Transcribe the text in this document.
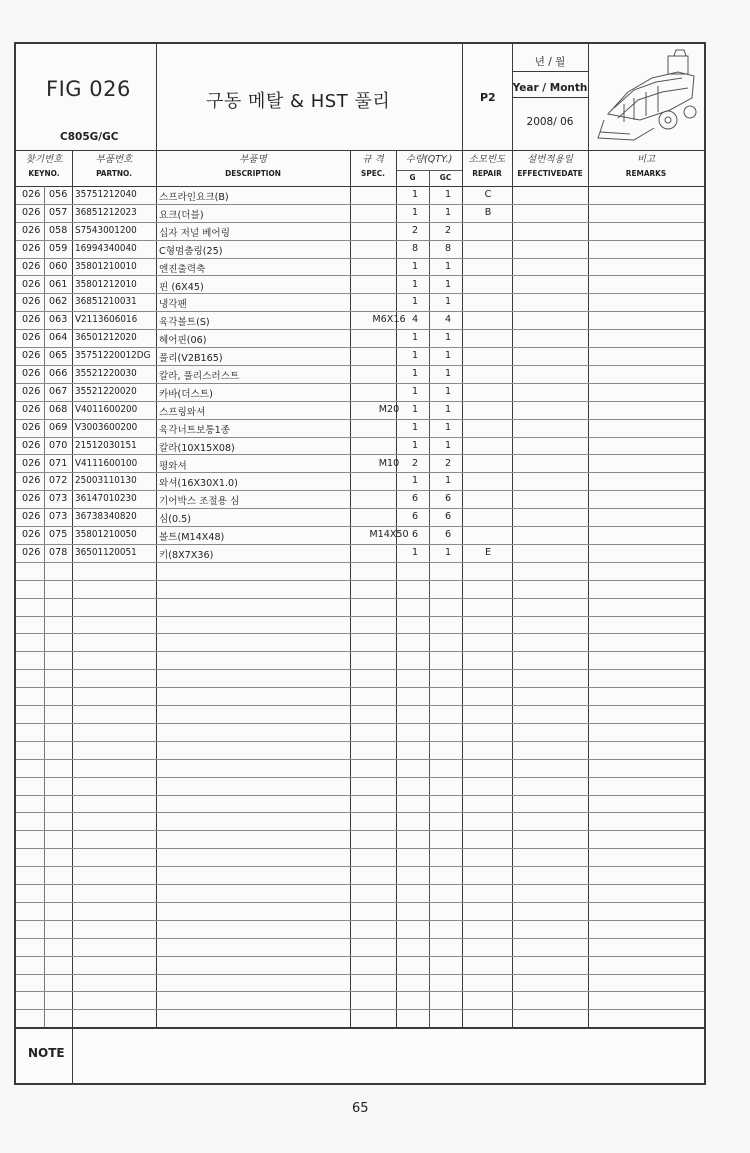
FIG 026
C805G/GC
구동 메탈 & HST 풀리	P2
년 / 월
Year / Month
2008/ 06
찾기번호
KEYNO.
부품번호
PARTNO.
부품명
DESCRIPTION
규 격
SPEC.
수량(QTY.)
G	GC
소모빈도
REPAIR
설번적용일
EFFECTIVEDATE
비고
REMARKS
026 056 35751212040 스프라인요크(B)	1	1	C
026 057 36851212023 요크(더블)	1	1	B
026 058 S7543001200 십자 저널 베어링	2	2
026 059 16994340040 C형멈춤링(25)	8	8
026 060 35801210010 엔진출력축	1	1
026 061 35801212010 핀 (6X45)	1	1
026 062 36851210031 냉각팬	1	1
026 063 V2113606016 육각볼트(S)	M6X16 4	4
026 064 36501212020 헤어핀(06)	1	1
026 065 35751220012DG 풀리(V2B165)	1	1
026 066 35521220030 칼라, 풀리스러스트	1	1
026 067 35521220020 카바(더스트)	1	1
026 068 V4011600200 스프링와셔	M20	1	1
026 069 V3003600200 육각너트보통1종	1	1
026 070 21512030151 칼라(10X15X08)	1	1
026 071 V4111600100 평와셔	M10	2	2
026 072 25003110130 와셔(16X30X1.0)	1	1
026 073 36147010230 기어박스 조절용 심	6	6
026 073 36738340820 심(0.5)	6	6
026 075 35801210050 볼트(M14X48)	M14X50 6	6
026 078 36501120051 키(8X7X36)	1	1	E
NOTE
65
